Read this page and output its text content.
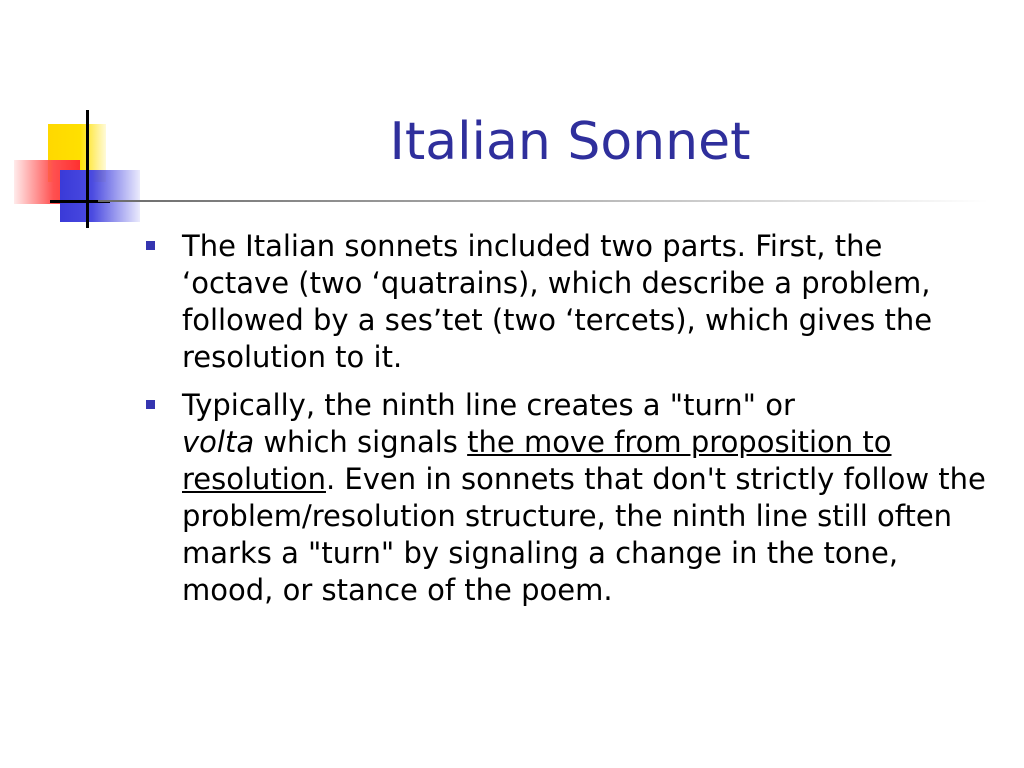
Italian Sonnet
The Italian sonnets included two parts. First, the ‘octave (two ‘quatrains), which describe a problem, followed by a ses’tet (two ‘tercets), which gives the resolution to it.
Typically, the ninth line creates a "turn" or
volta which signals the move from proposition to resolution. Even in sonnets that don't strictly follow the problem/resolution structure, the ninth line still often marks a "turn" by signaling a change in the tone, mood, or stance of the poem.
